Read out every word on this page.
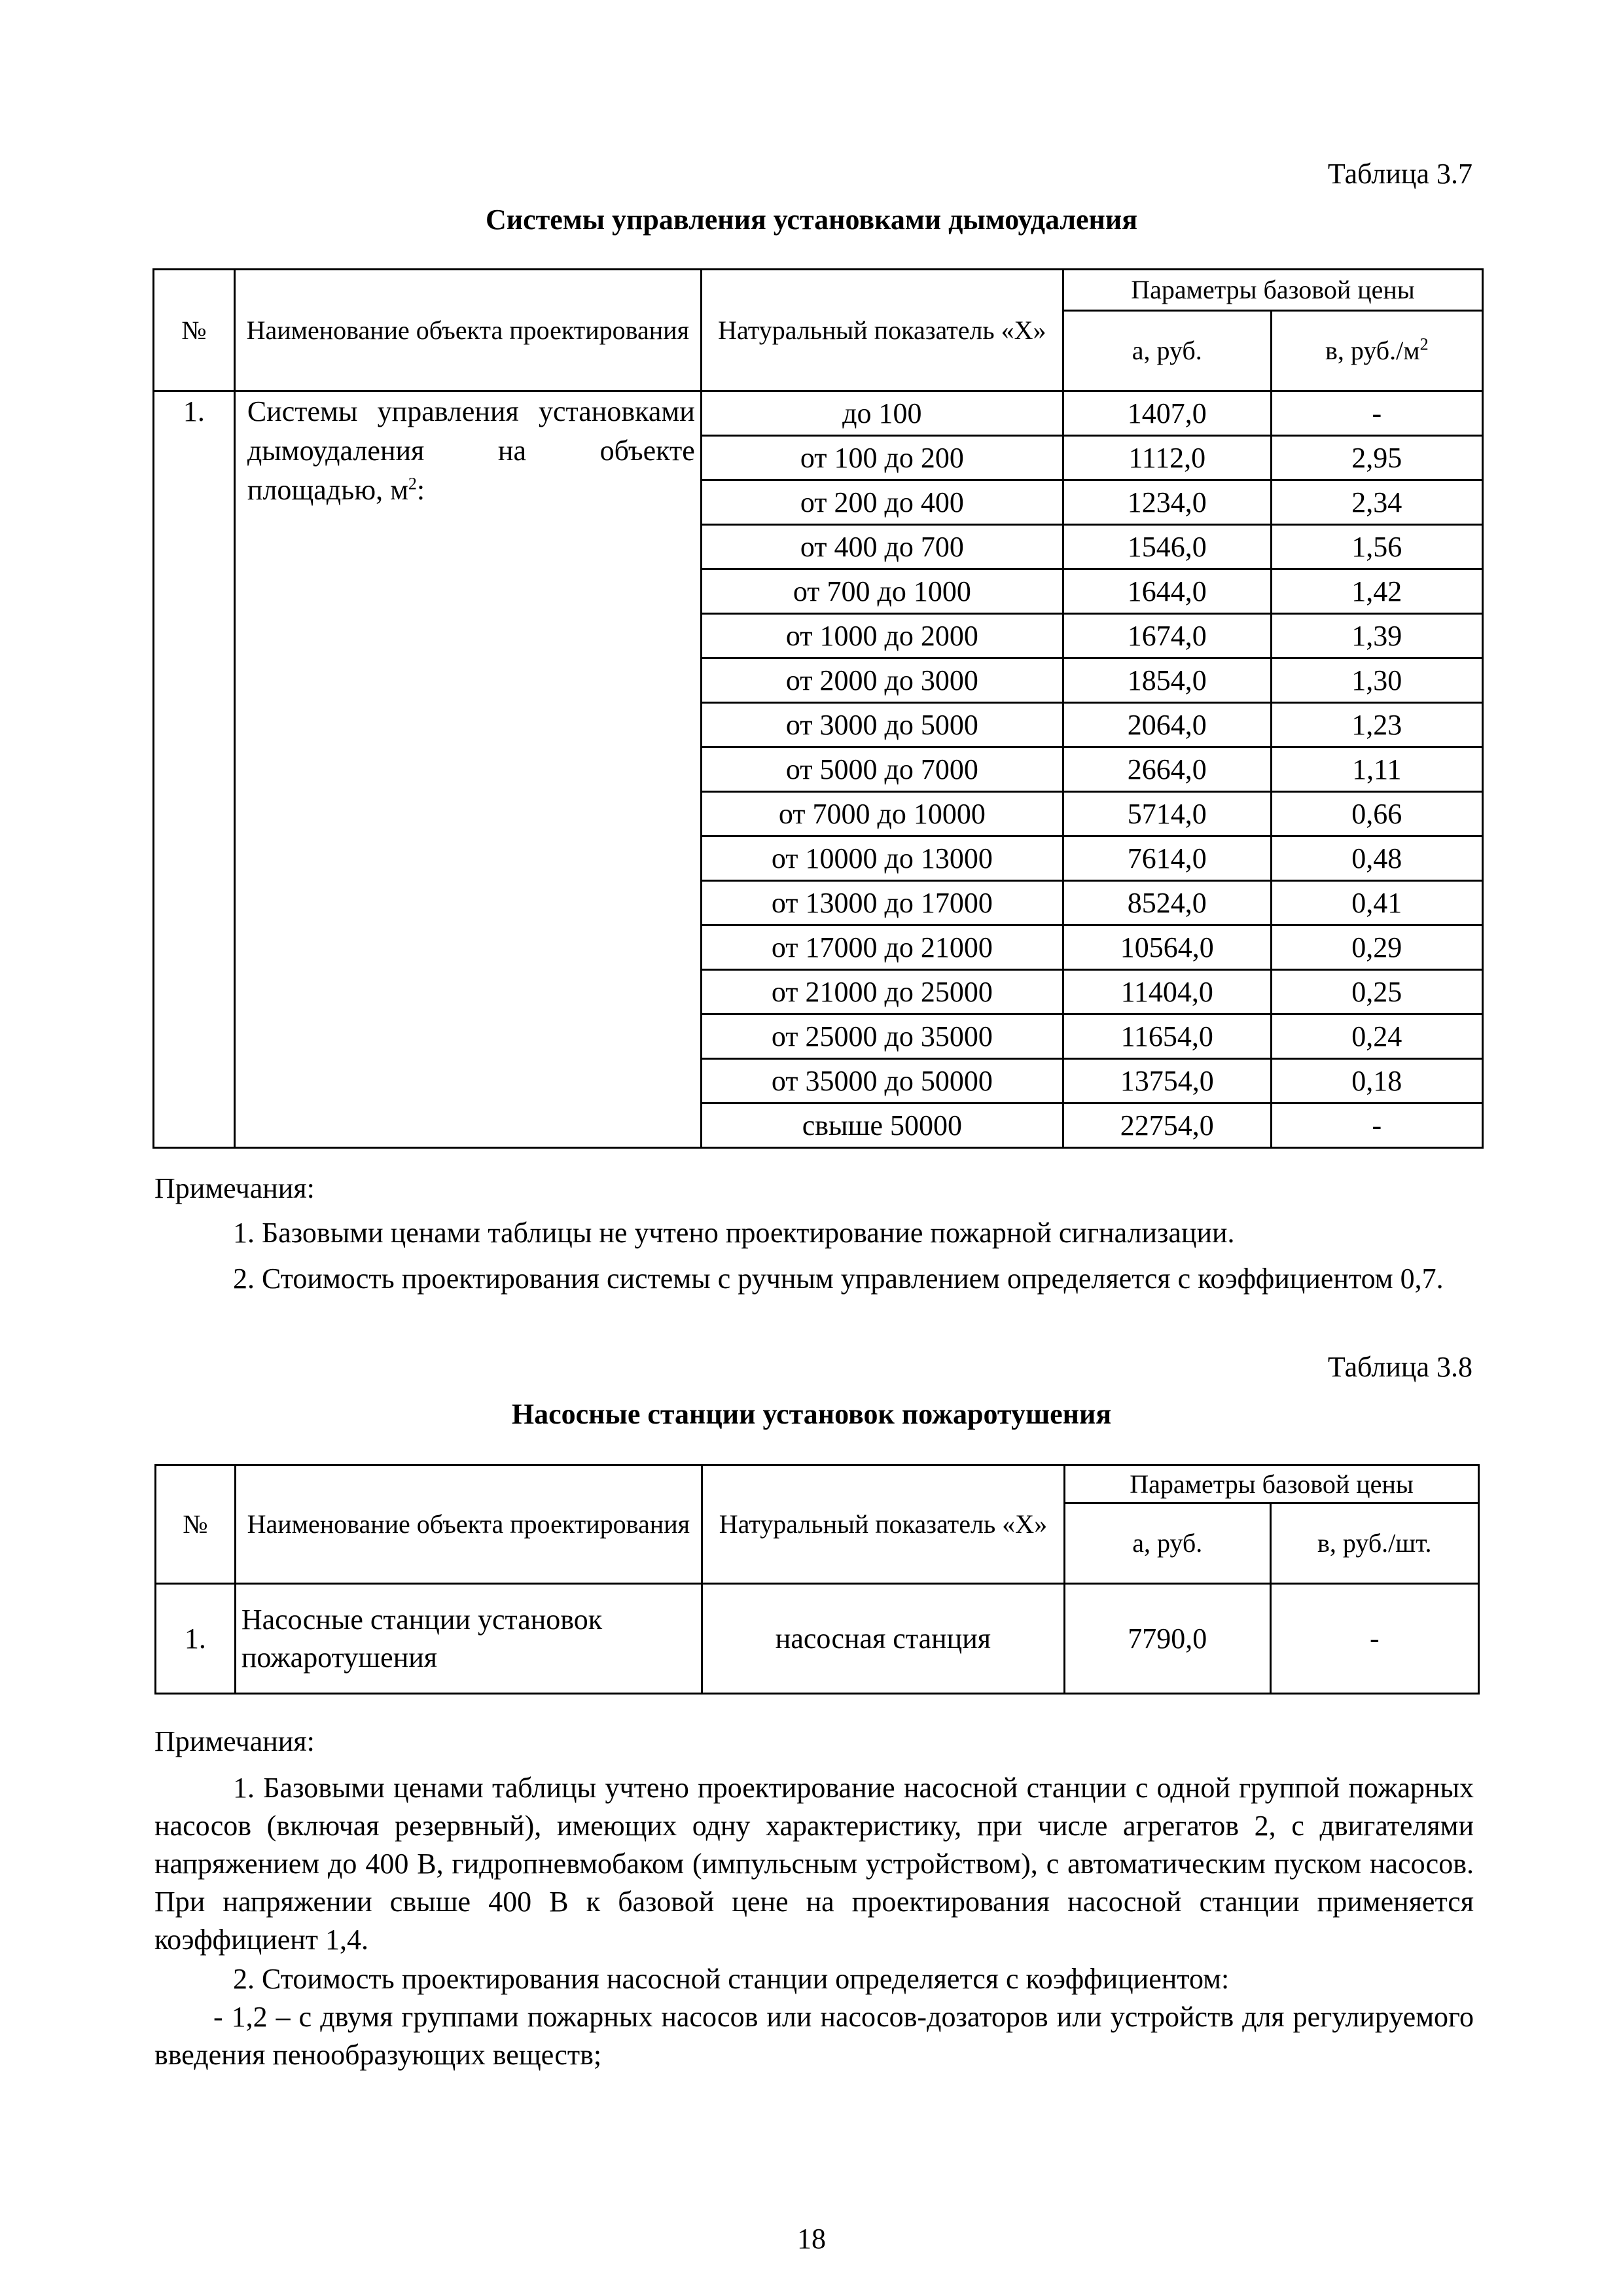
Таблица 3.7
Системы управления установками дымоудаления
№	Наименование объекта проектирования	Натуральный показатель «Х»	Параметры базовой цены	
			а, руб.	в, $руб./м^2$
1.	Системы управления установками дымоудаления на объекте площадью, $м^2$:	до 100	1407,0	-
		от 100 до 200	1112,0	2,95
		от 200 до 400	1234,0	2,34
		от 400 до 700	1546,0	1,56
		от 700 до 1000	1644,0	1,42
		от 1000 до 2000	1674,0	1,39
		от 2000 до 3000	1854,0	1,30
		от 3000 до 5000	2064,0	1,23
		от 5000 до 7000	2664,0	1,11
		от 7000 до 10000	5714,0	0,66
		от 10000 до 13000	7614,0	0,48
		от 13000 до 17000	8524,0	0,41
		от 17000 до 21000	10564,0	0,29
		от 21000 до 25000	11404,0	0,25
		от 25000 до 35000	11654,0	0,24
		от 35000 до 50000	13754,0	0,18
		свыше 50000	22754,0	-
Примечания:
1. Базовыми ценами таблицы не учтено проектирование пожарной сигнализации.
2. Стоимость проектирования системы с ручным управлением определяется с коэффициентом 0,7.
Таблица 3.8
Насосные станции установок пожаротушения
№	Наименование объекта проектирования	Натуральный показатель «Х»	Параметры базовой цены	
			а, руб.	в, руб./шт.
1.	Насосные станции установок пожаротушения	насосная станция	7790,0	-
Примечания:
1. Базовыми ценами таблицы учтено проектирование насосной станции с одной группой пожарных насосов (включая резервный), имеющих одну характеристику, при числе агрегатов 2, с двигателями напряжением до 400 В, гидропневмобаком (импульсным устройством), с автоматическим пуском насосов. При напряжении свыше 400 В к базовой цене на проектирования насосной станции применяется коэффициент 1,4.
2. Стоимость проектирования насосной станции определяется с коэффициентом:
- 1,2 – с двумя группами пожарных насосов или насосов-дозаторов или устройств для регулируемого введения пенообразующих веществ;
18
